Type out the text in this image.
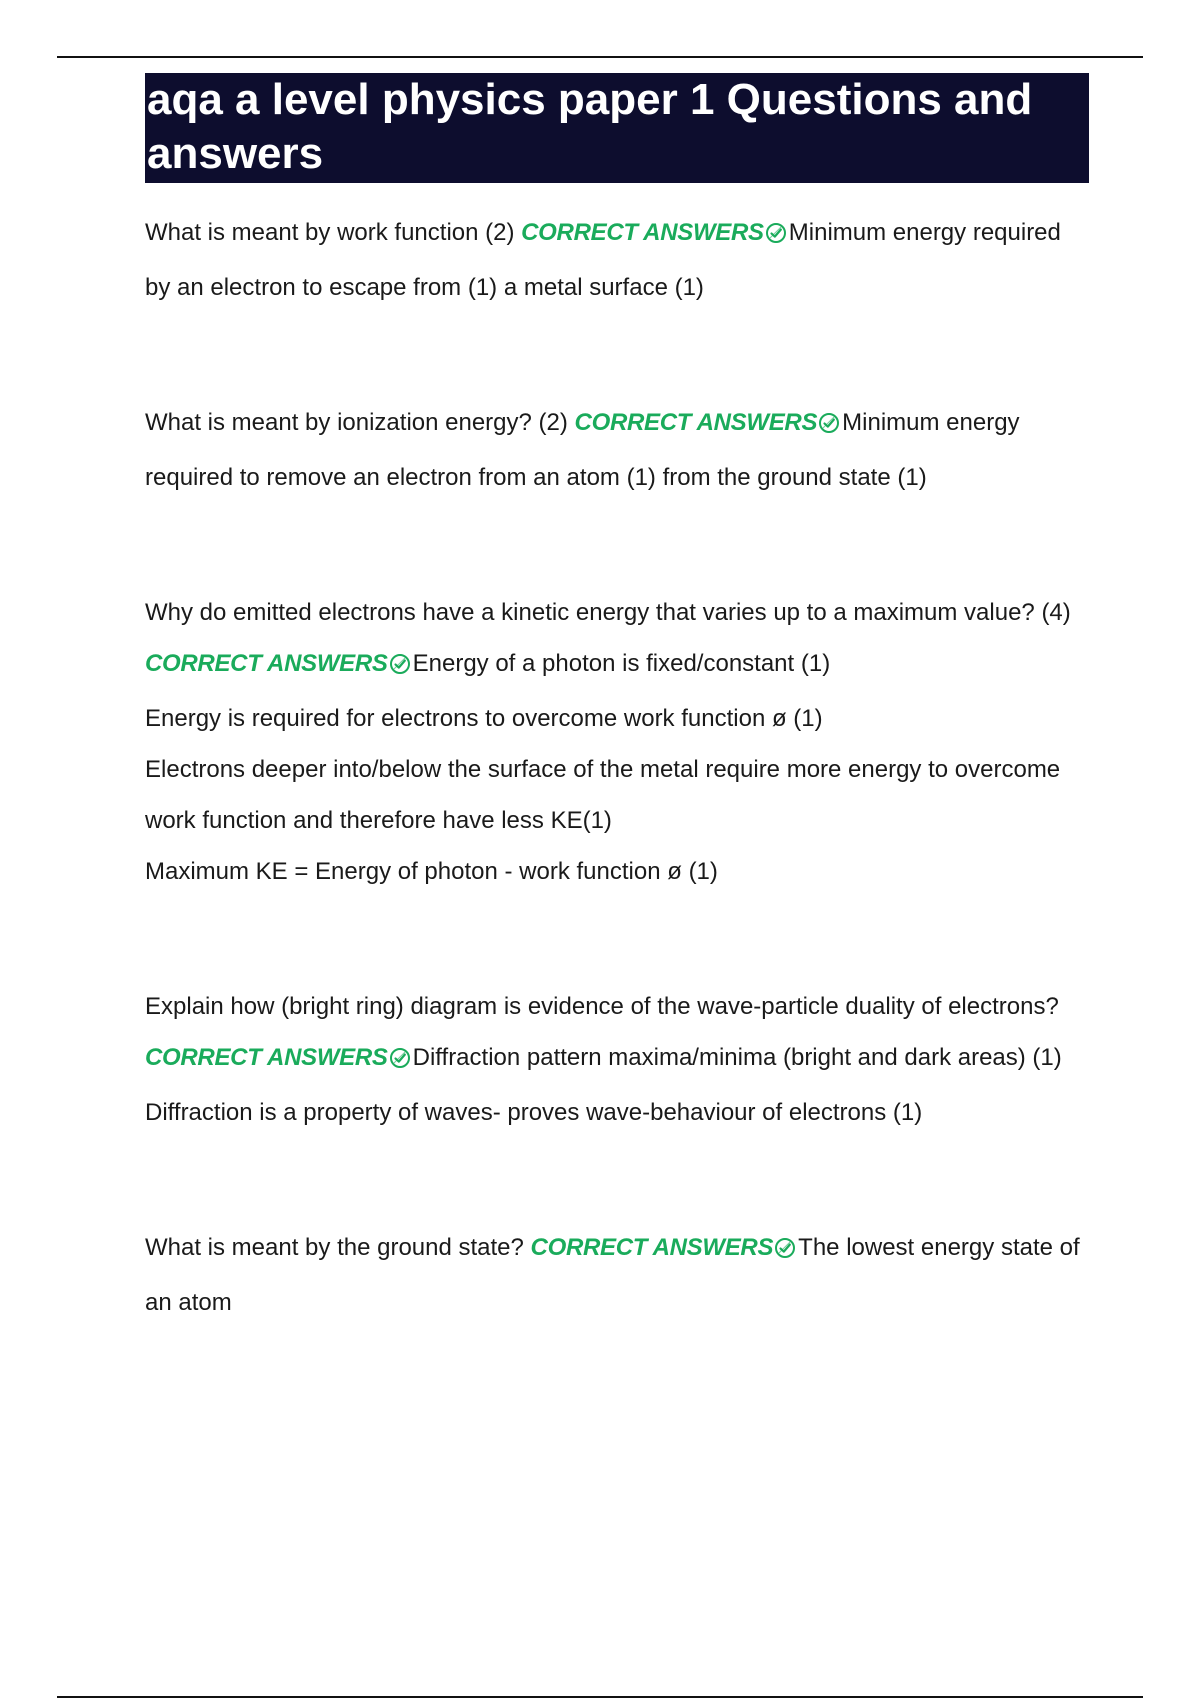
aqa a level physics paper 1 Questions and answers

What is meant by work function (2) CORRECT ANSWERS Minimum energy required by an electron to escape from (1) a metal surface (1)

What is meant by ionization energy? (2) CORRECT ANSWERS Minimum energy required to remove an electron from an atom (1) from the ground state (1)

Why do emitted electrons have a kinetic energy that varies up to a maximum value? (4) CORRECT ANSWERS Energy of a photon is fixed/constant (1)

Energy is required for electrons to overcome work function ø (1)

Electrons deeper into/below the surface of the metal require more energy to overcome work function and therefore have less KE(1)

Maximum KE = Energy of photon - work function ø (1)

Explain how (bright ring) diagram is evidence of the wave-particle duality of electrons? CORRECT ANSWERS Diffraction pattern maxima/minima (bright and dark areas) (1)

Diffraction is a property of waves- proves wave-behaviour of electrons (1)

What is meant by the ground state? CORRECT ANSWERS The lowest energy state of an atom
